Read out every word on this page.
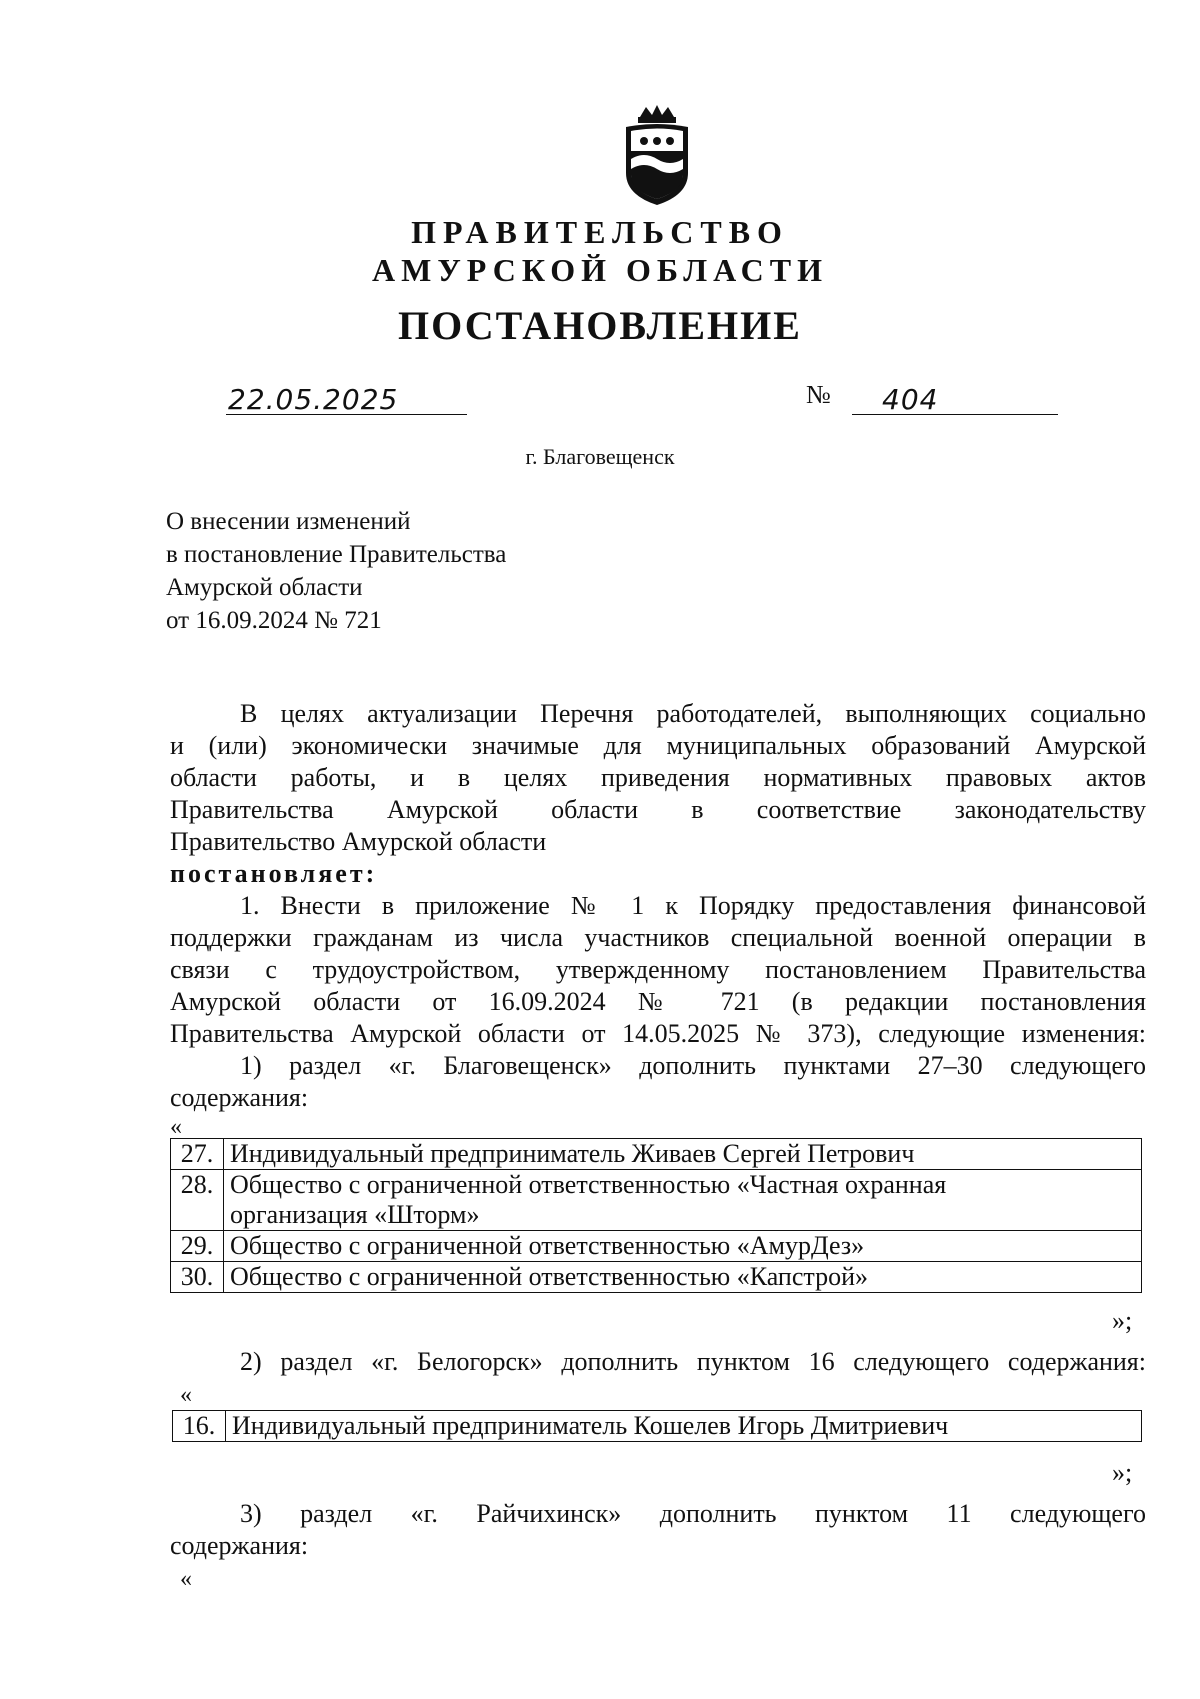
ПРАВИТЕЛЬСТВО
АМУРСКОЙ ОБЛАСТИ
ПОСТАНОВЛЕНИЕ
22.05.2025	№ 404
г. Благовещенск
О внесении изменений
в постановление Правительства
Амурской области
от 16.09.2024 № 721
В целях актуализации Перечня работодателей, выполняющих социально
и (или) экономически значимые для муниципальных образований Амурской
области работы, и в целях приведения нормативных правовых актов
Правительства Амурской области в соответствие законодательству
Правительство Амурской области
постановляет:
1. Внести в приложение № 1 к Порядку предоставления финансовой
поддержки гражданам из числа участников специальной военной операции в
связи с трудоустройством, утвержденному постановлением Правительства
Амурской области от 16.09.2024 № 721 (в редакции постановления
Правительства Амурской области от 14.05.2025 № 373), следующие изменения:
1) раздел «г. Благовещенск» дополнить пунктами 27–30 следующего
содержания:
«
27.	Индивидуальный предприниматель Живаев Сергей Петрович
28.	Общество с ограниченной ответственностью «Частная охранная
организация «Шторм»

29.	Общество с ограниченной ответственностью «АмурДез»
30.	Общество с ограниченной ответственностью «Капстрой»
»;
2) раздел «г. Белогорск» дополнить пунктом 16 следующего содержания:
«
16.	Индивидуальный предприниматель Кошелев Игорь Дмитриевич
»;
3) раздел «г. Райчихинск» дополнить пунктом 11 следующего
содержания:
«
